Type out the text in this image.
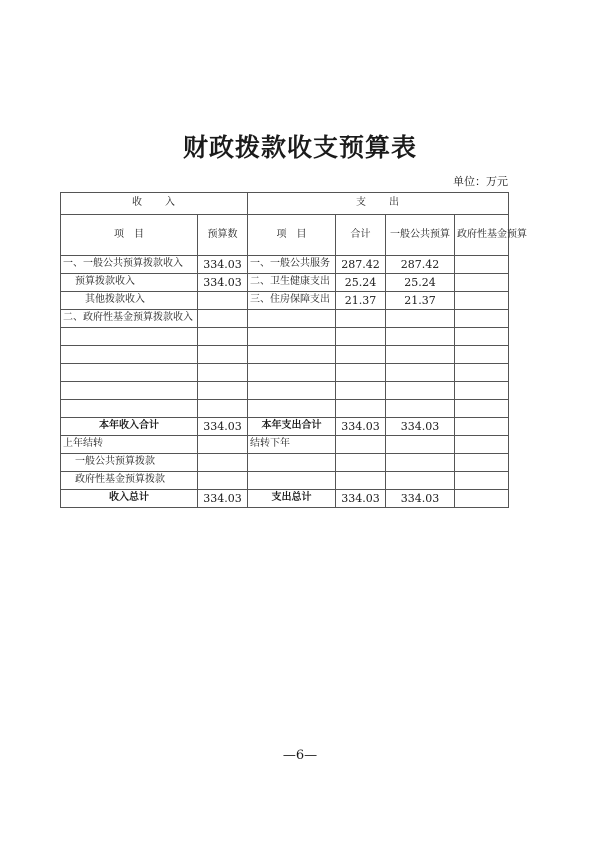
财政拨款收支预算表
单位：万元
收　　入		支　　出			
项　目	预算数	项　目	合计	一般公共预算	政府性基金预算
一、一般公共预算拨款收入	334.03	一、一般公共服务	287.42	287.42	
预算拨款收入	334.03	二、卫生健康支出	25.24	25.24	
其他拨款收入		三、住房保障支出	21.37	21.37	
二、政府性基金预算拨款收入					

本年收入合计	334.03	本年支出合计	334.03	334.03	
上年结转		结转下年			
一般公共预算拨款					
政府性基金预算拨款					
收入总计	334.03	支出总计	334.03	334.03	
—6—
